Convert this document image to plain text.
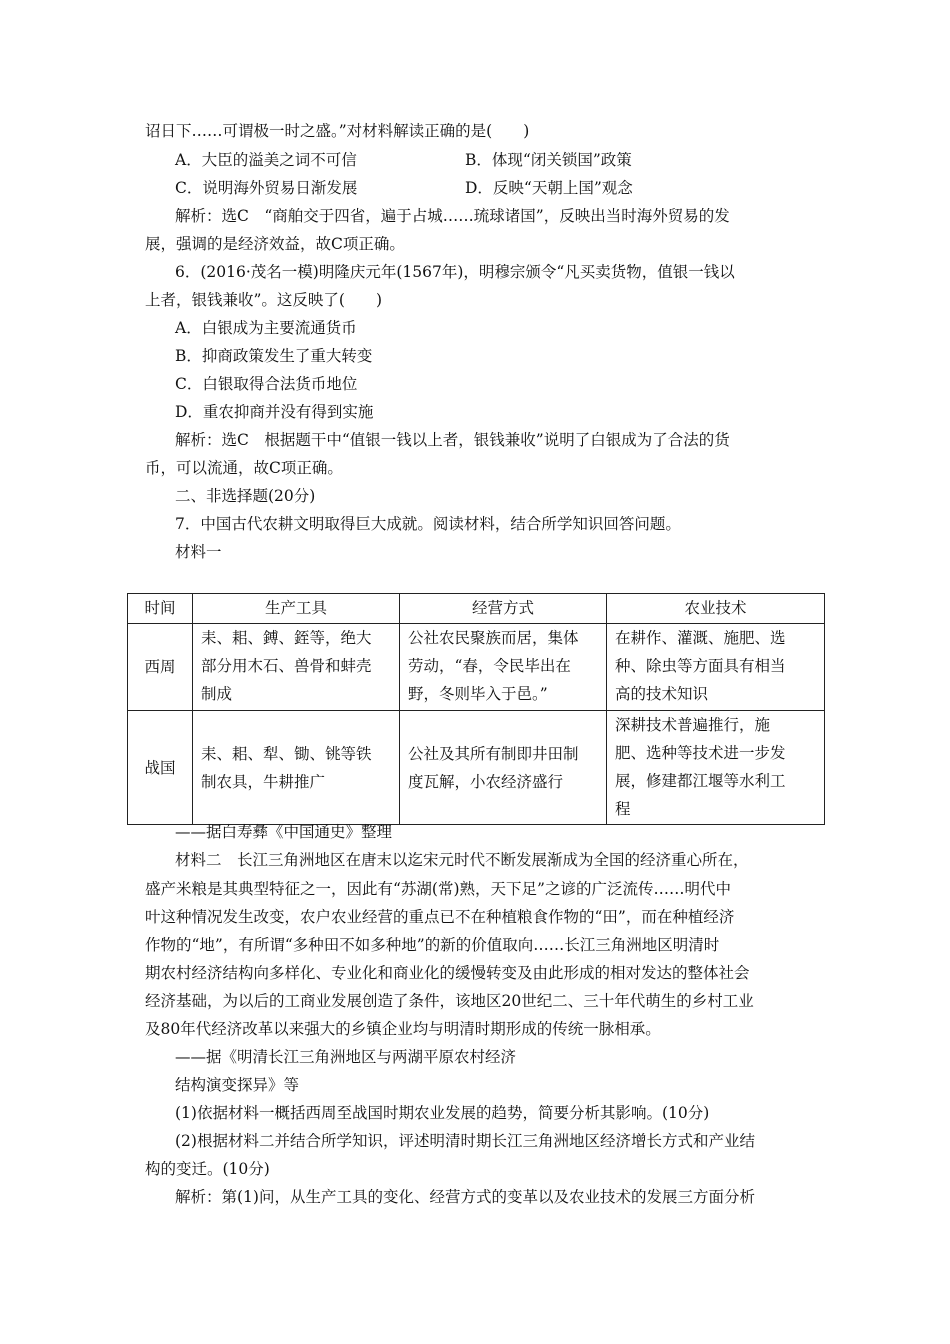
诏日下……可谓极一时之盛。”对材料解读正确的是(　　)
A．大臣的溢美之词不可信	B．体现“闭关锁国”政策
C．说明海外贸易日渐发展	D．反映“天朝上国”观念
解析：选C　“商舶交于四省，遍于占城……琉球诸国”，反映出当时海外贸易的发
展，强调的是经济效益，故C项正确。
6．(2016·茂名一模)明隆庆元年(1567年)，明穆宗颁令“凡买卖货物，值银一钱以
上者，银钱兼收”。这反映了(　　)
A．白银成为主要流通货币
B．抑商政策发生了重大转变
C．白银取得合法货币地位
D．重农抑商并没有得到实施
解析：选C　根据题干中“值银一钱以上者，银钱兼收”说明了白银成为了合法的货
币，可以流通，故C项正确。
二、非选择题(20分)
7．中国古代农耕文明取得巨大成就。阅读材料，结合所学知识回答问题。
材料一
时间	生产工具	经营方式	农业技术
西周	耒、耜、鎛、銍等，绝大
部分用木石、兽骨和蚌壳
制成	公社农民聚族而居，集体
劳动，“春，令民毕出在
野，冬则毕入于邑。”	在耕作、灌溉、施肥、选
种、除虫等方面具有相当
高的技术知识

战国	耒、耜、犁、锄、铫等铁
制农具，牛耕推广	公社及其所有制即井田制
度瓦解，小农经济盛行	深耕技术普遍推行，施
肥、选种等技术进一步发
展，修建都江堰等水利工
程
——据白寿彝《中国通史》整理
材料二　长江三角洲地区在唐末以迄宋元时代不断发展渐成为全国的经济重心所在，
盛产米粮是其典型特征之一，因此有“苏湖(常)熟，天下足”之谚的广泛流传……明代中
叶这种情况发生改变，农户农业经营的重点已不在种植粮食作物的“田”，而在种植经济
作物的“地”，有所谓“多种田不如多种地”的新的价值取向……长江三角洲地区明清时
期农村经济结构向多样化、专业化和商业化的缓慢转变及由此形成的相对发达的整体社会
经济基础，为以后的工商业发展创造了条件，该地区20世纪二、三十年代萌生的乡村工业
及80年代经济改革以来强大的乡镇企业均与明清时期形成的传统一脉相承。
——据《明清长江三角洲地区与两湖平原农村经济
结构演变探异》等
(1)依据材料一概括西周至战国时期农业发展的趋势，简要分析其影响。(10分)
(2)根据材料二并结合所学知识，评述明清时期长江三角洲地区经济增长方式和产业结
构的变迁。(10分)
解析：第(1)问，从生产工具的变化、经营方式的变革以及农业技术的发展三方面分析
